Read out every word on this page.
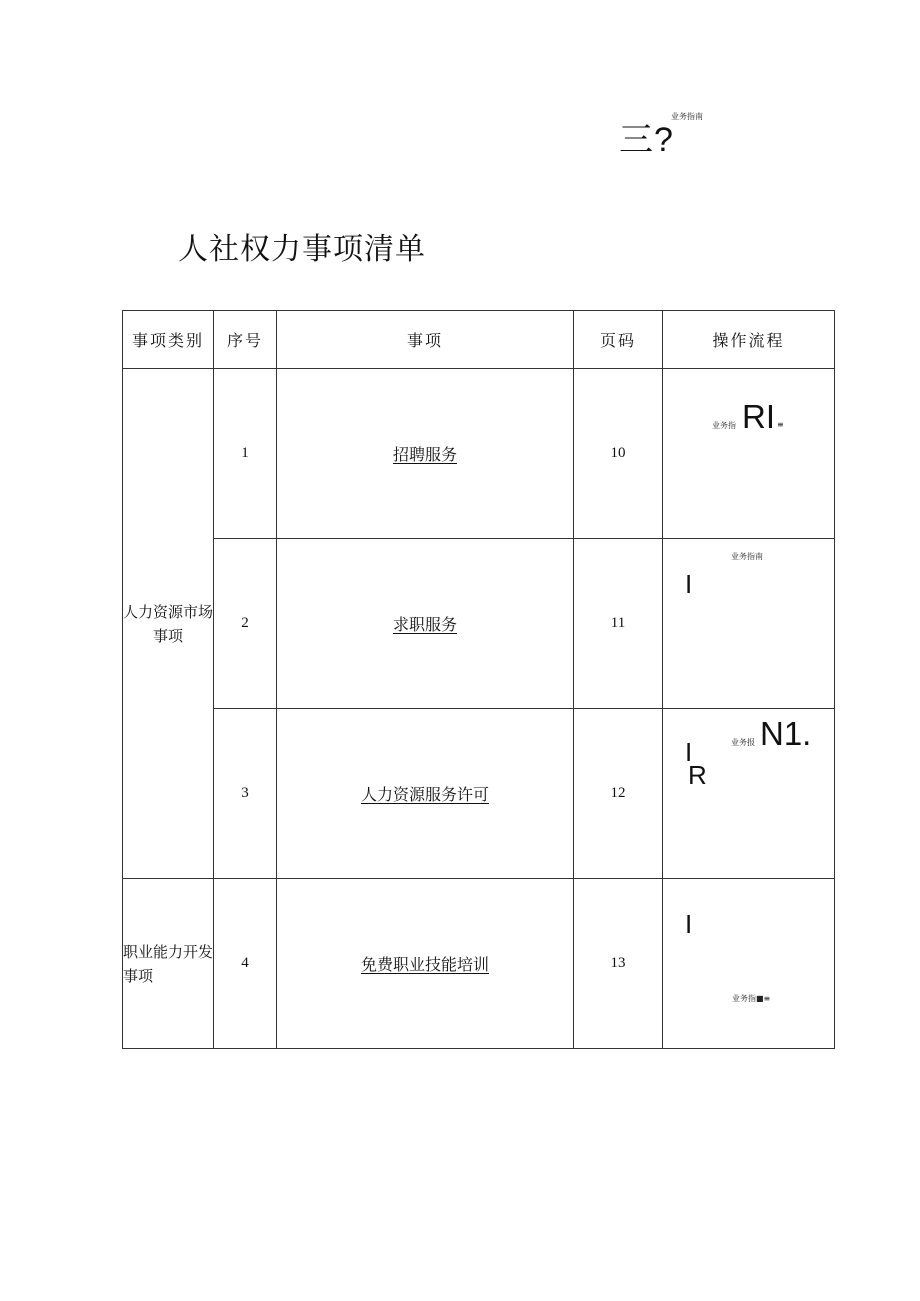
业务指南
三?
人社权力事项清单
事项类别	序号	事项	页码	操作流程
人力资源市场事项	1	招聘服务	10	业务指 RI ≡

	2	求职服务	11	业务指南
I

	3	人力资源服务许可	12	I
R
业务报 N1.

职业能力开发事项	4	免费职业技能培训	13	I
业务指■≡
